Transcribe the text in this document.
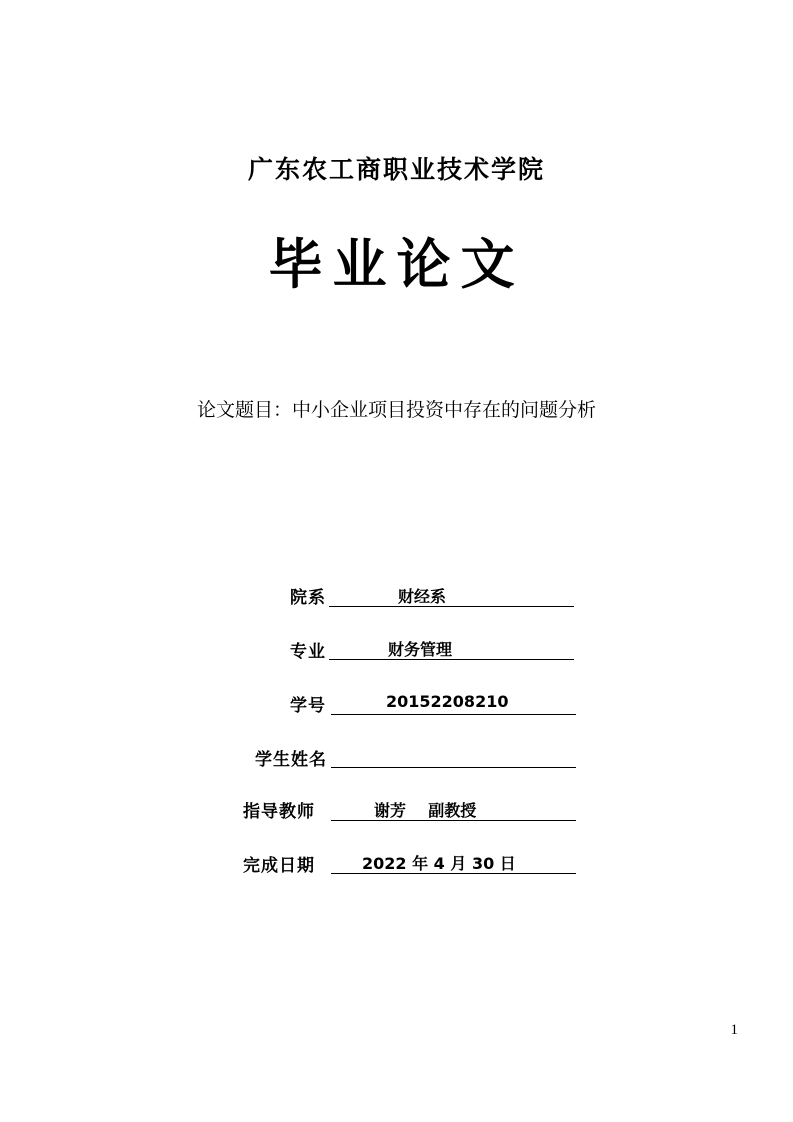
广东农工商职业技术学院
毕业论文
论文题目：中小企业项目投资中存在的问题分析
院系	财经系
专业	财务管理
学号	20152208210
学生姓名
指导教师	谢芳    副教授
完成日期	2022 年 4 月 30 日
1
